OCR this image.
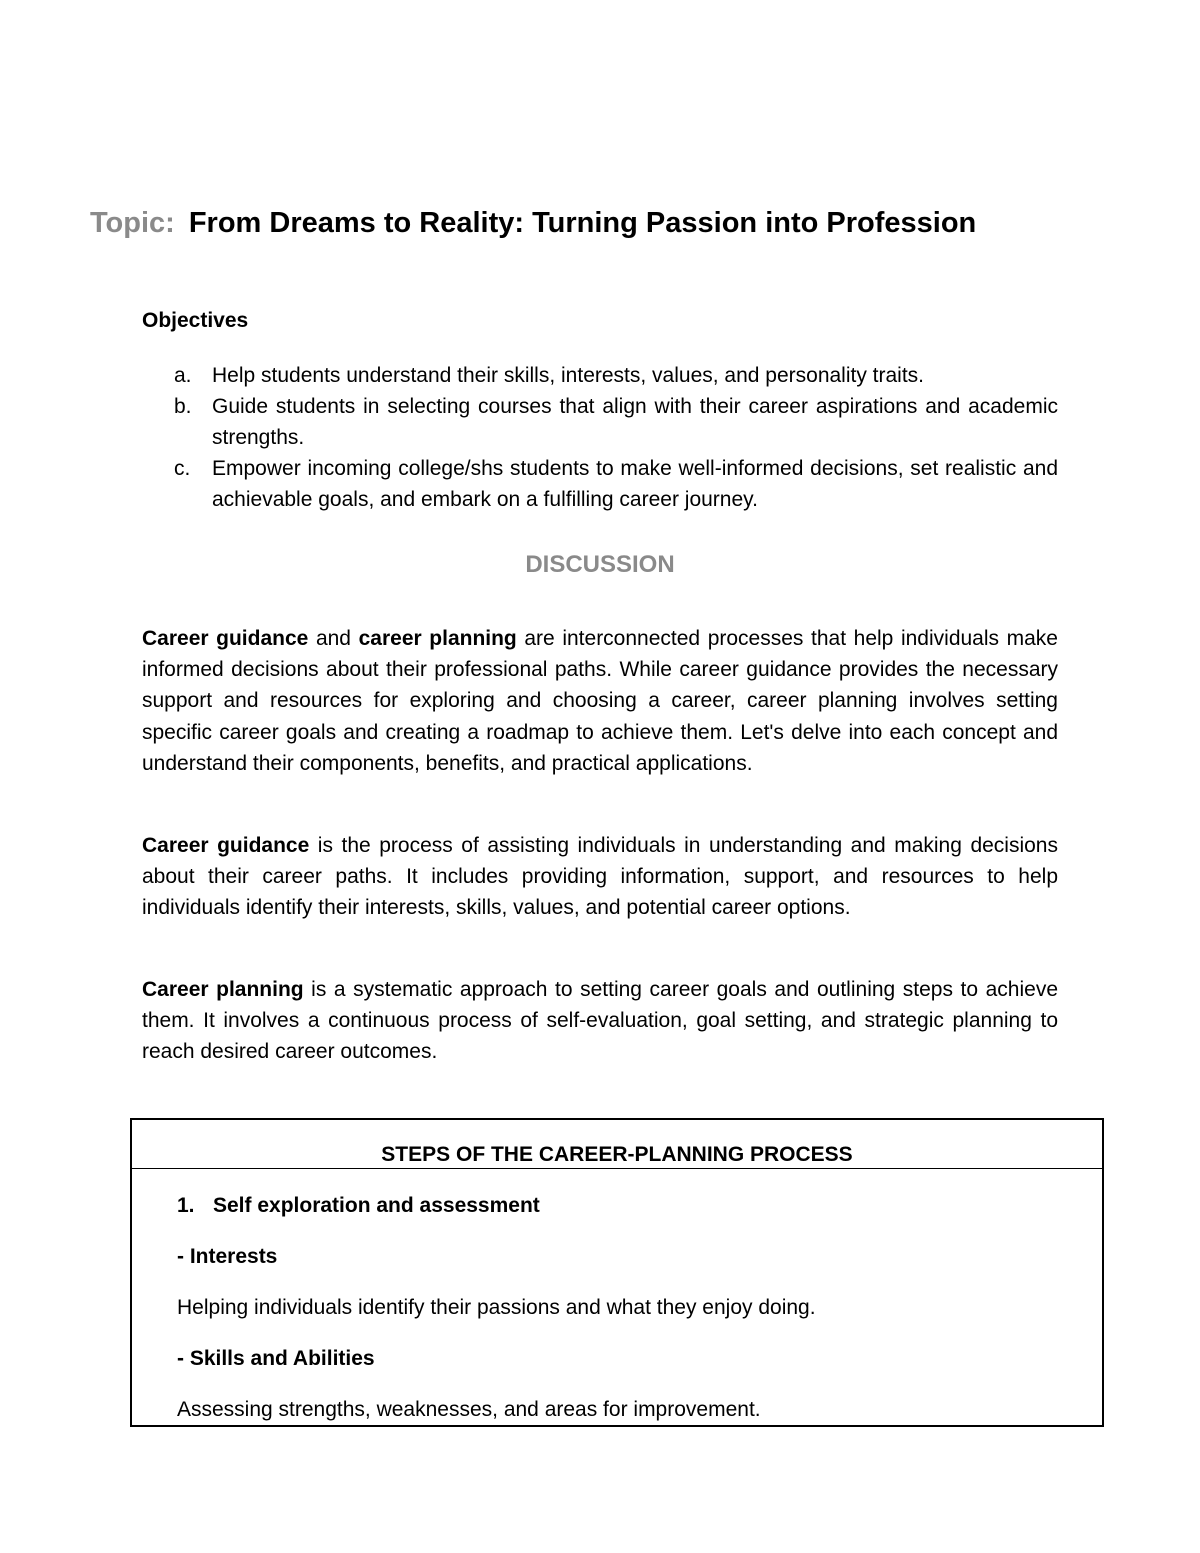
Topic: From Dreams to Reality: Turning Passion into Profession
Objectives
a. Help students understand their skills, interests, values, and personality traits.
b. Guide students in selecting courses that align with their career aspirations and academic strengths.
c. Empower incoming college/shs students to make well-informed decisions, set realistic and achievable goals, and embark on a fulfilling career journey.
DISCUSSION

Career guidance and career planning are interconnected processes that help individuals make informed decisions about their professional paths. While career guidance provides the necessary support and resources for exploring and choosing a career, career planning involves setting specific career goals and creating a roadmap to achieve them. Let's delve into each concept and understand their components, benefits, and practical applications.

Career guidance is the process of assisting individuals in understanding and making decisions about their career paths. It includes providing information, support, and resources to help individuals identify their interests, skills, values, and potential career options.

Career planning is a systematic approach to setting career goals and outlining steps to achieve them. It involves a continuous process of self-evaluation, goal setting, and strategic planning to reach desired career outcomes.

STEPS OF THE CAREER-PLANNING PROCESS
1. Self exploration and assessment
- Interests
Helping individuals identify their passions and what they enjoy doing.
- Skills and Abilities
Assessing strengths, weaknesses, and areas for improvement.
